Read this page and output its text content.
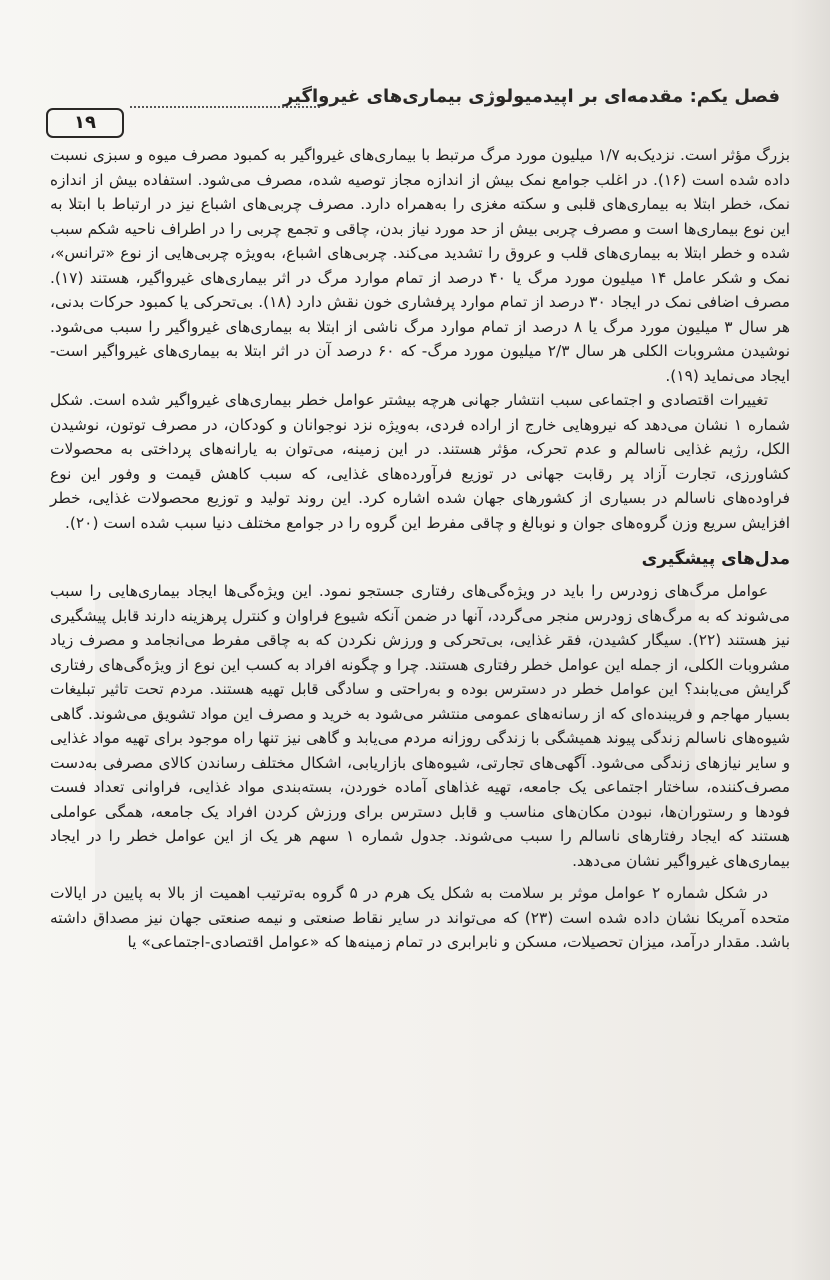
فصل یکم: مقدمه‌ای بر اپیدمیولوژی بیماری‌های غیرواگیر
۱۹

بزرگ مؤثر است. نزدیک‌به ۱/۷ میلیون مورد مرگ مرتبط با بیماری‌های غیرواگیر به کمبود مصرف میوه و سبزی نسبت داده شده است (۱۶). در اغلب جوامع نمک بیش از اندازه مجاز توصیه شده، مصرف می‌شود. استفاده بیش از اندازه نمک، خطر ابتلا به بیماری‌های قلبی و سکته مغزی را به‌همراه دارد. مصرف چربی‌های اشباع نیز در ارتباط با ابتلا به این نوع بیماری‌ها است و مصرف چربی بیش از حد مورد نیاز بدن، چاقی و تجمع چربی را در اطراف ناحیه شکم سبب شده و خطر ابتلا به بیماری‌های قلب و عروق را تشدید می‌کند. چربی‌های اشباع، به‌ویژه چربی‌هایی از نوع «ترانس»، نمک و شکر عامل ۱۴ میلیون مورد مرگ یا ۴۰ درصد از تمام موارد مرگ در اثر بیماری‌های غیرواگیر، هستند (۱۷). مصرف اضافی نمک در ایجاد ۳۰ درصد از تمام موارد پرفشاری خون نقش دارد (۱۸). بی‌تحرکی یا کمبود حرکات بدنی، هر سال ۳ میلیون مورد مرگ یا ۸ درصد از تمام موارد مرگ ناشی از ابتلا به بیماری‌های غیرواگیر را سبب می‌شود. نوشیدن مشروبات الکلی هر سال ۲/۳ میلیون مورد مرگ- که ۶۰ درصد آن در اثر ابتلا به بیماری‌های غیرواگیر است- ایجاد می‌نماید (۱۹).

تغییرات اقتصادی و اجتماعی سبب انتشار جهانی هرچه بیشتر عوامل خطر بیماری‌های غیرواگیر شده است. شکل شماره ۱ نشان می‌دهد که نیروهایی خارج از اراده فردی، به‌ویژه نزد نوجوانان و کودکان، در مصرف توتون، نوشیدن الکل، رژیم غذایی ناسالم و عدم تحرک، مؤثر هستند. در این زمینه، می‌توان به یارانه‌های پرداختی به محصولات کشاورزی، تجارت آزاد پر رقابت جهانی در توزیع فرآورده‌های غذایی، که سبب کاهش قیمت و وفور این نوع فراوده‌های ناسالم در بسیاری از کشورهای جهان شده اشاره کرد. این روند تولید و توزیع محصولات غذایی، خطر افزایش سریع وزن گروه‌های جوان و نوبالغ و چاقی مفرط این گروه را در جوامع مختلف دنیا سبب شده است (۲۰).

مدل‌های پیشگیری

عوامل مرگ‌های زودرس را باید در ویژه‌گی‌های رفتاری جستجو نمود. این ویژه‌گی‌ها ایجاد بیماری‌هایی را سبب می‌شوند که به مرگ‌های زودرس منجر می‌گردد، آنها در ضمن آنکه شیوع فراوان و کنترل پرهزینه دارند قابل پیشگیری نیز هستند (۲۲). سیگار کشیدن، فقر غذایی، بی‌تحرکی و ورزش نکردن که به چاقی مفرط می‌انجامد و مصرف زیاد مشروبات الکلی، از جمله این عوامل خطر رفتاری هستند. چرا و چگونه افراد به کسب این نوع از ویژه‌گی‌های رفتاری گرایش می‌یابند؟ این عوامل خطر در دسترس بوده و به‌راحتی و سادگی قابل تهیه هستند. مردم تحت تاثیر تبلیغات بسیار مهاجم و فریبنده‌ای که از رسانه‌های عمومی منتشر می‌شود به خرید و مصرف این مواد تشویق می‌شوند. گاهی شیوه‌های ناسالم زندگی پیوند همیشگی با زندگی روزانه مردم می‌یابد و گاهی نیز تنها راه موجود برای تهیه مواد غذایی و سایر نیازهای زندگی می‌شود. آگهی‌های تجارتی، شیوه‌های بازاریابی، اشکال مختلف رساندن کالای مصرفی به‌دست مصرف‌کننده، ساختار اجتماعی یک جامعه، تهیه غذاهای آماده خوردن، بسته‌بندی مواد غذایی، فراوانی تعداد فست فودها و رستوران‌ها، نبودن مکان‌های مناسب و قابل دسترس برای ورزش کردن افراد یک جامعه، همگی عواملی هستند که ایجاد رفتارهای ناسالم را سبب می‌شوند. جدول شماره ۱ سهم هر یک از این عوامل خطر را در ایجاد بیماری‌های غیرواگیر نشان می‌دهد.

در شکل شماره ۲ عوامل موثر بر سلامت به شکل یک هرم در ۵ گروه به‌ترتیب اهمیت از بالا به پایین در ایالات متحده آمریکا نشان داده شده است (۲۳) که می‌تواند در سایر نقاط صنعتی و نیمه صنعتی جهان نیز مصداق داشته باشد. مقدار درآمد، میزان تحصیلات، مسکن و نابرابری در تمام زمینه‌ها که «عوامل اقتصادی-اجتماعی» یا
